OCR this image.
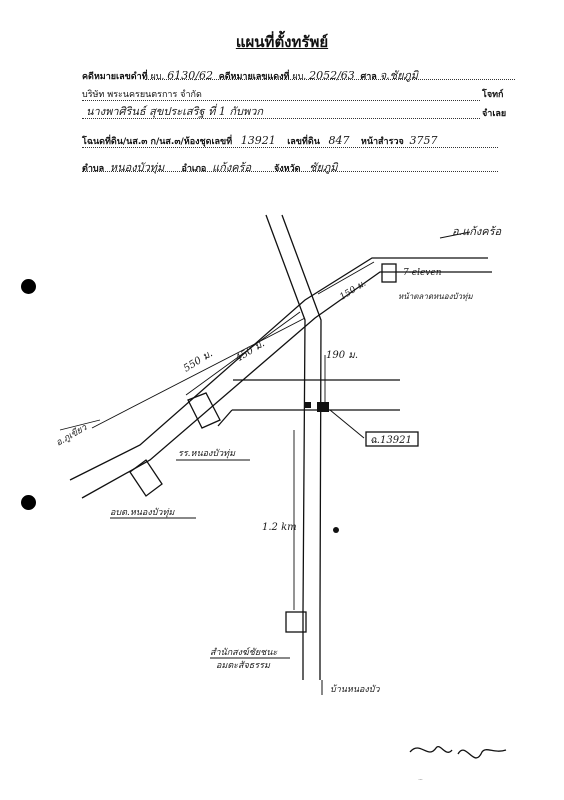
แผนที่ตั้งทรัพย์
คดีหมายเลขดำที่ ผบ. 6130/62 คดีหมายเลขแดงที่ ผบ. 2052/63 ศาล จ.ชัยภูมิ
บริษัท พระนครยนตรการ จำกัด	โจทก์
นางพาศิรินธ์ สุขประเสริฐ ที่ 1 กับพวก	จำเลย
โฉนดที่ดิน/นส.๓ ก/นส.๓/ห้องชุดเลขที่ 13921 เลขที่ดิน 847 หน้าสำรวจ 3757
ตำบล หนองบัวทุ่ม อำเภอ แก้งคร้อ	จังหวัด ชัยภูมิ
อ.แก้งคร้อ
7-eleven
หน้าตลาดหนองบัวทุ่ม
150 ม.
550 ม. 450 ม.	190 ม.
ฉ.13921
รร.หนองบัวทุ่ม
อ.ภูเขียว
อบต.หนองบัวทุ่ม
1.2 km
สำนักสงฆ์ชัยชนะ
อมตะสัจธรรม
บ้านหนองบัว
ลายมือชื่อ
